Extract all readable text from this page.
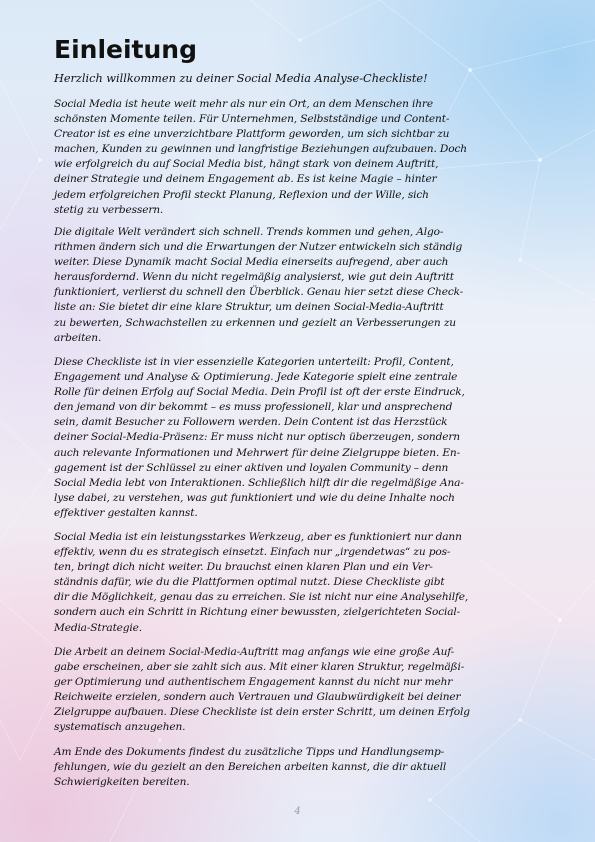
Einleitung

Herzlich willkommen zu deiner Social Media Analyse-Checkliste!

Social Media ist heute weit mehr als nur ein Ort, an dem Menschen ihre
schönsten Momente teilen. Für Unternehmen, Selbstständige und Content-
Creator ist es eine unverzichtbare Plattform geworden, um sich sichtbar zu
machen, Kunden zu gewinnen und langfristige Beziehungen aufzubauen. Doch
wie erfolgreich du auf Social Media bist, hängt stark von deinem Auftritt,
deiner Strategie und deinem Engagement ab. Es ist keine Magie – hinter
jedem erfolgreichen Profil steckt Planung, Reflexion und der Wille, sich
stetig zu verbessern.

Die digitale Welt verändert sich schnell. Trends kommen und gehen, Algo-
rithmen ändern sich und die Erwartungen der Nutzer entwickeln sich ständig
weiter. Diese Dynamik macht Social Media einerseits aufregend, aber auch
herausfordernd. Wenn du nicht regelmäßig analysierst, wie gut dein Auftritt
funktioniert, verlierst du schnell den Überblick. Genau hier setzt diese Check-
liste an: Sie bietet dir eine klare Struktur, um deinen Social-Media-Auftritt
zu bewerten, Schwachstellen zu erkennen und gezielt an Verbesserungen zu
arbeiten.

Diese Checkliste ist in vier essenzielle Kategorien unterteilt: Profil, Content,
Engagement und Analyse & Optimierung. Jede Kategorie spielt eine zentrale
Rolle für deinen Erfolg auf Social Media. Dein Profil ist oft der erste Eindruck,
den jemand von dir bekommt – es muss professionell, klar und ansprechend
sein, damit Besucher zu Followern werden. Dein Content ist das Herzstück
deiner Social-Media-Präsenz: Er muss nicht nur optisch überzeugen, sondern
auch relevante Informationen und Mehrwert für deine Zielgruppe bieten. En-
gagement ist der Schlüssel zu einer aktiven und loyalen Community – denn
Social Media lebt von Interaktionen. Schließlich hilft dir die regelmäßige Ana-
lyse dabei, zu verstehen, was gut funktioniert und wie du deine Inhalte noch
effektiver gestalten kannst.

Social Media ist ein leistungsstarkes Werkzeug, aber es funktioniert nur dann
effektiv, wenn du es strategisch einsetzt. Einfach nur „irgendetwas“ zu pos-
ten, bringt dich nicht weiter. Du brauchst einen klaren Plan und ein Ver-
ständnis dafür, wie du die Plattformen optimal nutzt. Diese Checkliste gibt
dir die Möglichkeit, genau das zu erreichen. Sie ist nicht nur eine Analysehilfe,
sondern auch ein Schritt in Richtung einer bewussten, zielgerichteten Social-
Media-Strategie.

Die Arbeit an deinem Social-Media-Auftritt mag anfangs wie eine große Auf-
gabe erscheinen, aber sie zahlt sich aus. Mit einer klaren Struktur, regelmäßi-
ger Optimierung und authentischem Engagement kannst du nicht nur mehr
Reichweite erzielen, sondern auch Vertrauen und Glaubwürdigkeit bei deiner
Zielgruppe aufbauen. Diese Checkliste ist dein erster Schritt, um deinen Erfolg
systematisch anzugehen.

Am Ende des Dokuments findest du zusätzliche Tipps und Handlungsemp-
fehlungen, wie du gezielt an den Bereichen arbeiten kannst, die dir aktuell
Schwierigkeiten bereiten.

4
